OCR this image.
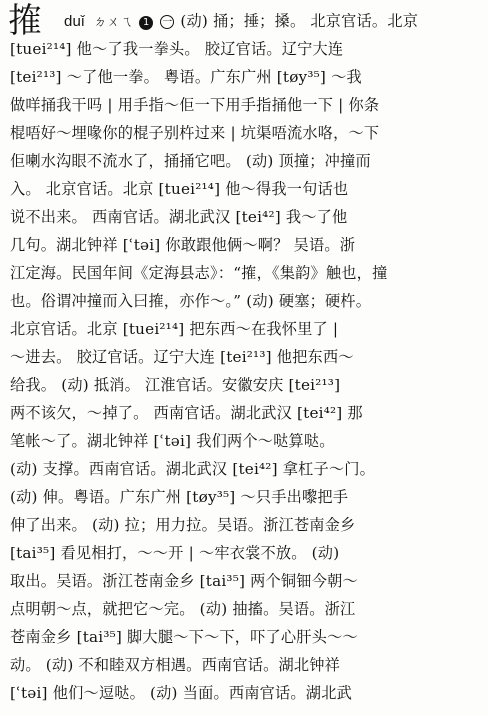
搉	duǐ ㄉㄨㄟ 1 一 (动) 捅；捶；搡。 北京官话。北京
[tuei²¹⁴] 他～了我一拳头。 胶辽官话。辽宁大连
[tei²¹³] ～了他一拳。 粤语。广东广州 [tøy³⁵] ～我
做咩捅我干吗 | 用手指～佢一下用手指捅他一下 | 你条
棍唔好～埋喙你的棍子别杵过来 | 坑渠唔流水咯，～下
佢喇水沟眼不流水了，捅捅它吧。 (动) 顶撞；冲撞而
入。 北京官话。北京 [tuei²¹⁴] 他～得我一句话也
说不出来。 西南官话。湖北武汉 [tei⁴²] 我～了他
几句。湖北钟祥 [ʿtəi] 你敢跟他俩～啊？ 吴语。浙
江定海。民国年间《定海县志》：“搉，《集韵》触也，撞
也。俗谓冲撞而入曰搉，亦作～。” (动) 硬塞；硬杵。
北京官话。北京 [tuei²¹⁴] 把东西～在我怀里了 |
～进去。 胶辽官话。辽宁大连 [tei²¹³] 他把东西～
给我。 (动) 抵消。 江淮官话。安徽安庆 [tei²¹³]
两不该欠，～掉了。 西南官话。湖北武汉 [tei⁴²] 那
笔帐～了。湖北钟祥 [ʿtəi] 我们两个～哒算哒。
(动) 支撑。西南官话。湖北武汉 [tei⁴²] 拿杠子～门。
(动) 伸。粤语。广东广州 [tøy³⁵] ～只手出嚟把手
伸了出来。 (动) 拉；用力拉。吴语。浙江苍南金乡
[tai³⁵] 看见相打，～～开 | ～牢衣裳不放。 (动)
取出。吴语。浙江苍南金乡 [tai³⁵] 两个铜钿今朝～
点明朝～点，就把它～完。 (动) 抽搐。吴语。浙江
苍南金乡 [tai³⁵] 脚大腿～下～下，吓了心肝头～～
动。 (动) 不和睦双方相遇。西南官话。湖北钟祥
[ʿtəi] 他们～逗哒。 (动) 当面。西南官话。湖北武
